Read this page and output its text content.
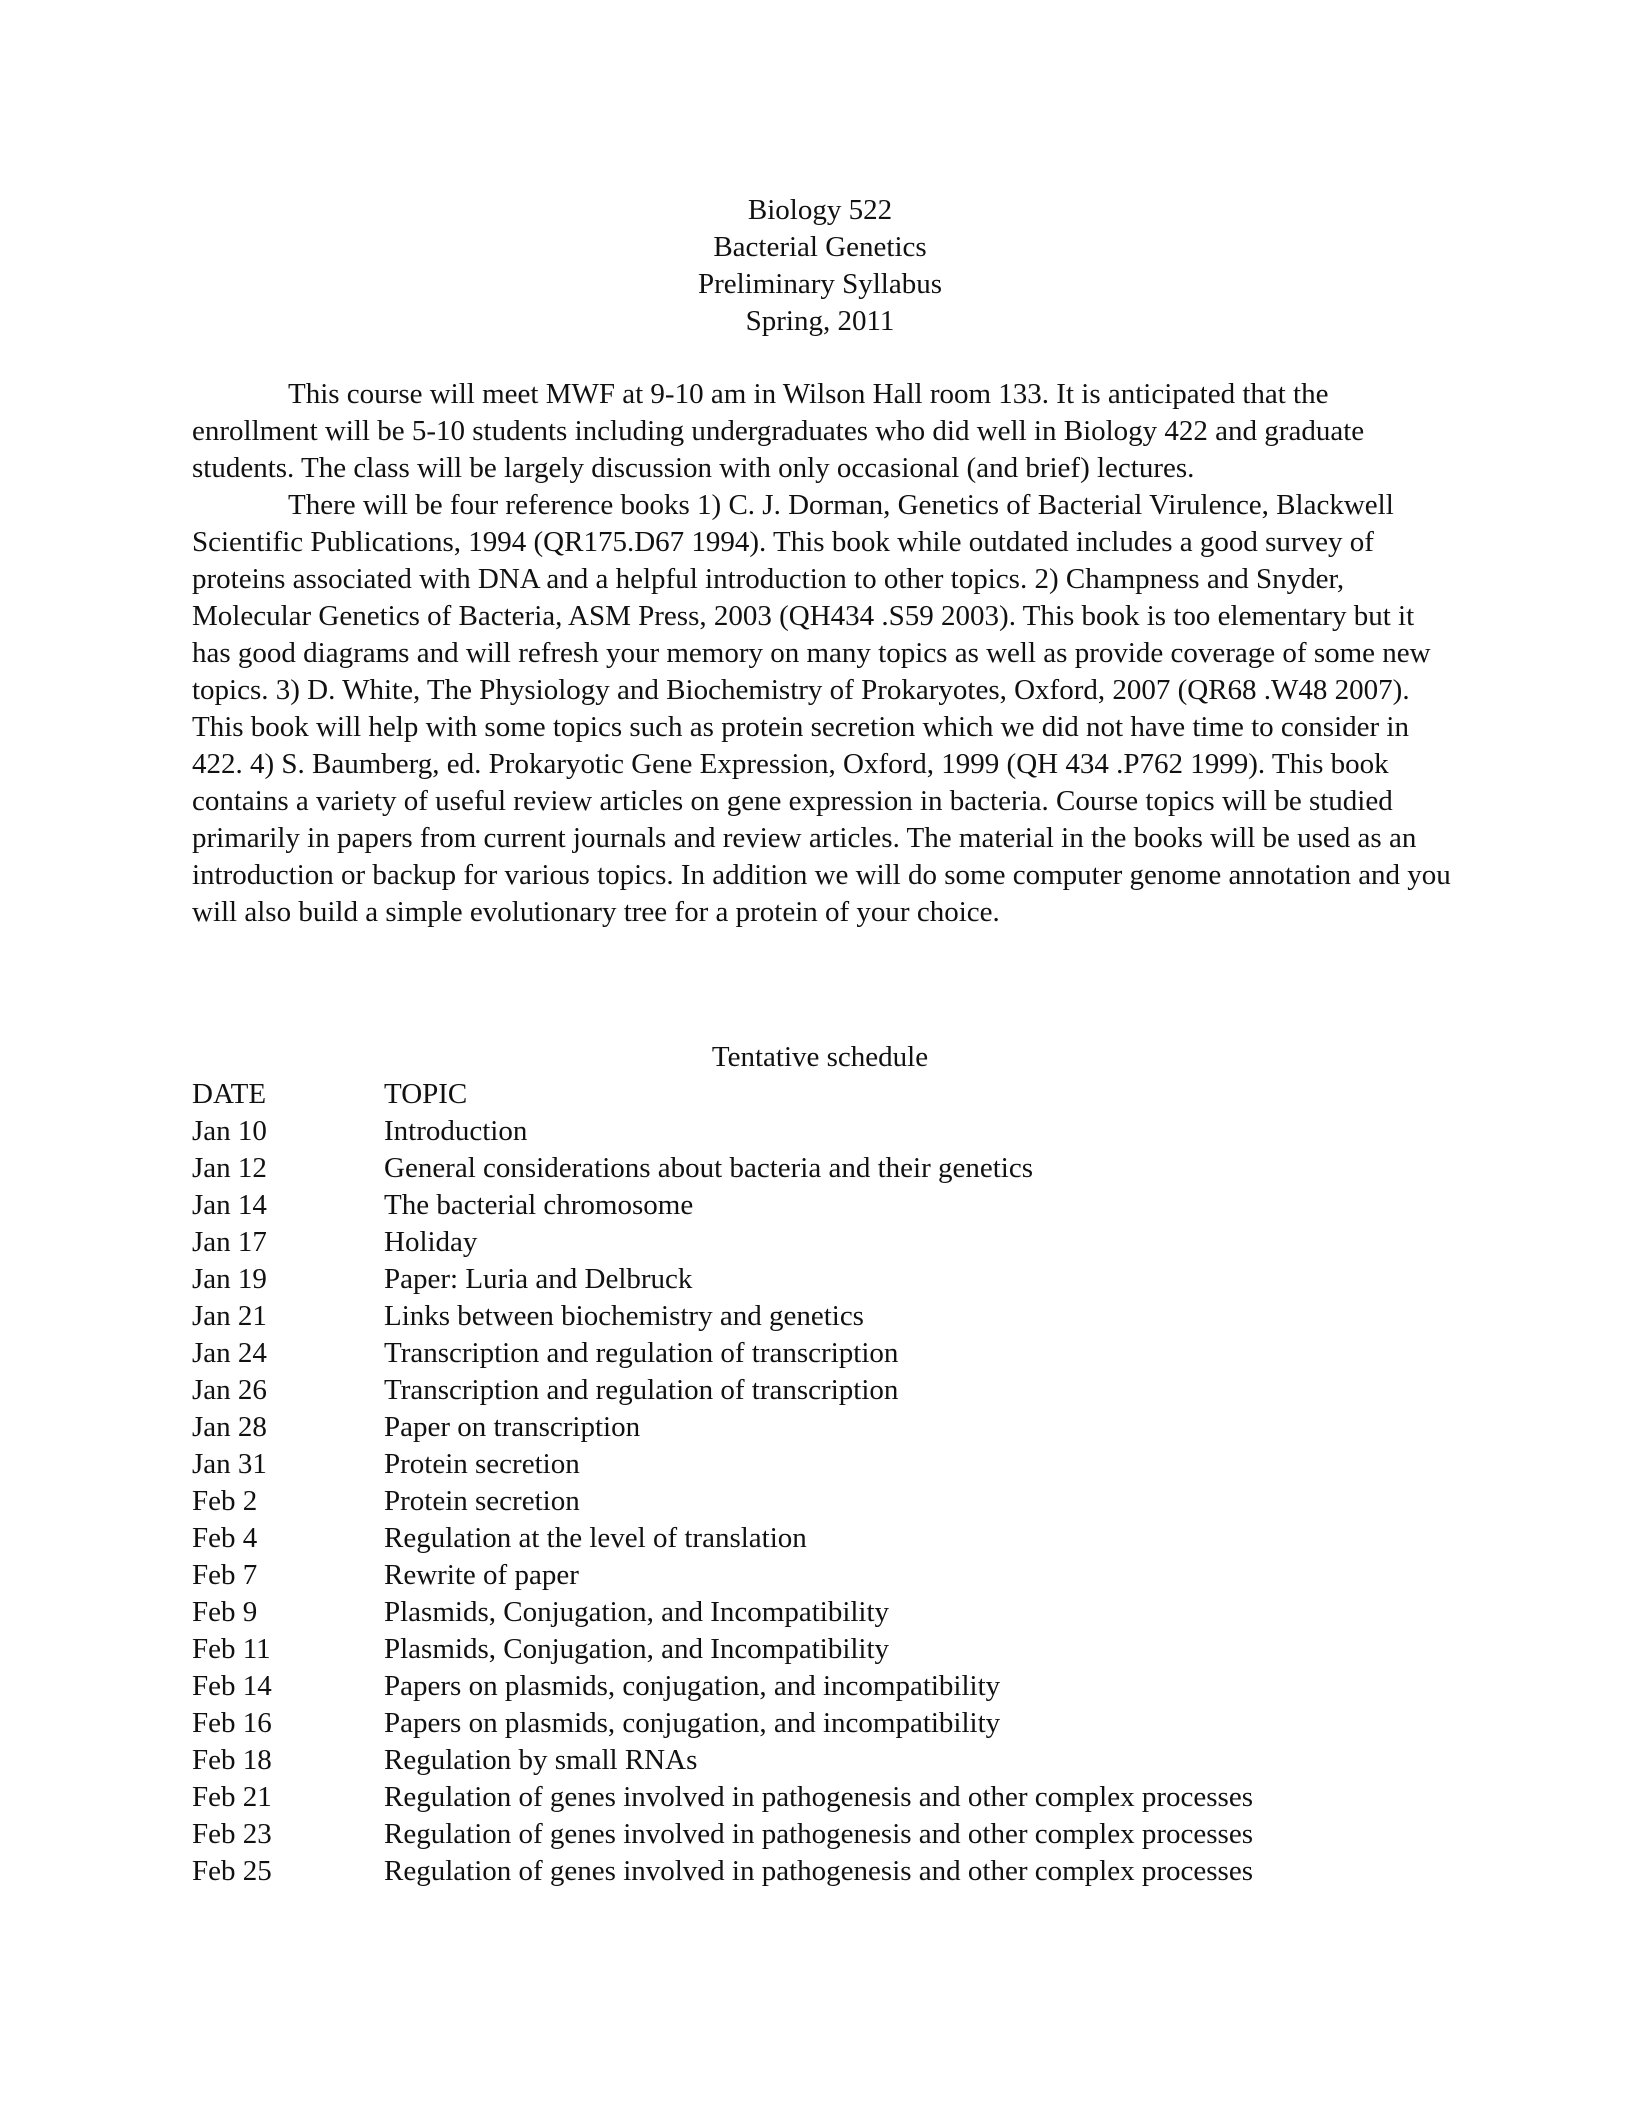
Biology 522
Bacterial Genetics
Preliminary Syllabus
Spring, 2011

This course will meet MWF at 9-10 am in Wilson Hall room 133. It is anticipated that the enrollment will be 5-10 students including undergraduates who did well in Biology 422 and graduate students. The class will be largely discussion with only occasional (and brief) lectures.

There will be four reference books 1) C. J. Dorman, Genetics of Bacterial Virulence, Blackwell Scientific Publications, 1994 (QR175.D67 1994). This book while outdated includes a good survey of proteins associated with DNA and a helpful introduction to other topics. 2) Champness and Snyder, Molecular Genetics of Bacteria, ASM Press, 2003 (QH434 .S59 2003). This book is too elementary but it has good diagrams and will refresh your memory on many topics as well as provide coverage of some new topics. 3) D. White, The Physiology and Biochemistry of Prokaryotes, Oxford, 2007 (QR68 .W48 2007). This book will help with some topics such as protein secretion which we did not have time to consider in 422. 4) S. Baumberg, ed. Prokaryotic Gene Expression, Oxford, 1999 (QH 434 .P762 1999). This book contains a variety of useful review articles on gene expression in bacteria. Course topics will be studied primarily in papers from current journals and review articles. The material in the books will be used as an introduction or backup for various topics. In addition we will do some computer genome annotation and you will also build a simple evolutionary tree for a protein of your choice.

Tentative schedule
DATE	TOPIC
Jan 10	Introduction
Jan 12	General considerations about bacteria and their genetics
Jan 14	The bacterial chromosome
Jan 17	Holiday
Jan 19	Paper: Luria and Delbruck
Jan 21	Links between biochemistry and genetics
Jan 24	Transcription and regulation of transcription
Jan 26	Transcription and regulation of transcription
Jan 28	Paper on transcription
Jan 31	Protein secretion
Feb 2	Protein secretion
Feb 4	Regulation at the level of translation
Feb 7	Rewrite of paper
Feb 9	Plasmids, Conjugation, and Incompatibility
Feb 11	Plasmids, Conjugation, and Incompatibility
Feb 14	Papers on plasmids, conjugation, and incompatibility
Feb 16	Papers on plasmids, conjugation, and incompatibility
Feb 18	Regulation by small RNAs
Feb 21	Regulation of genes involved in pathogenesis and other complex processes
Feb 23	Regulation of genes involved in pathogenesis and other complex processes
Feb 25	Regulation of genes involved in pathogenesis and other complex processes
